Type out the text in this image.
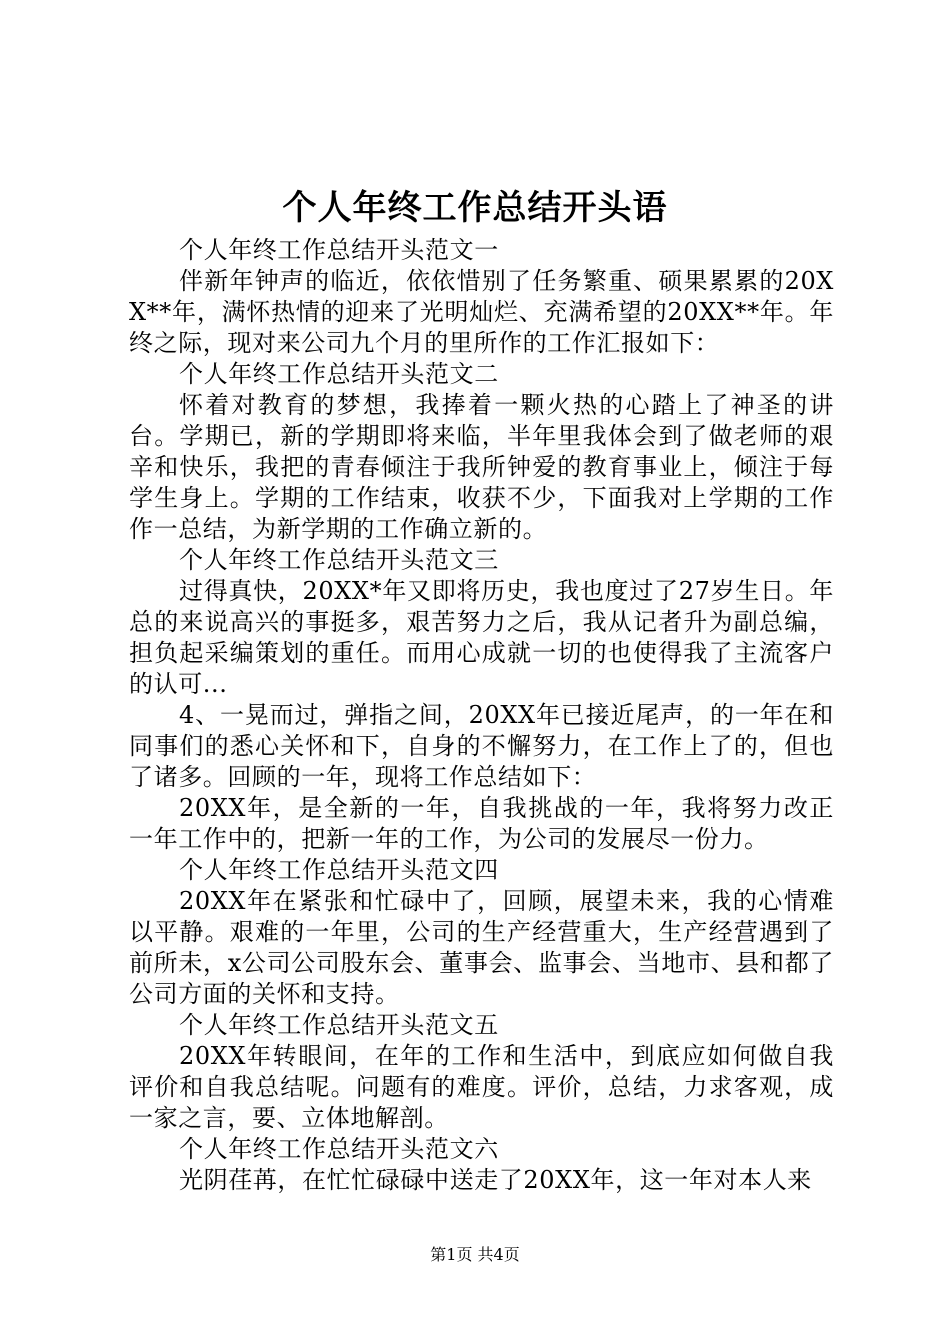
个人年终工作总结开头语

个人年终工作总结开头范文一

伴新年钟声的临近，依依惜别了任务繁重、硕果累累的20XX**年，满怀热情的迎来了光明灿烂、充满希望的20XX**年。年终之际，现对来公司九个月的里所作的工作汇报如下：

个人年终工作总结开头范文二

怀着对教育的梦想，我捧着一颗火热的心踏上了神圣的讲台。学期已，新的学期即将来临，半年里我体会到了做老师的艰辛和快乐，我把的青春倾注于我所钟爱的教育事业上，倾注于每学生身上。学期的工作结束，收获不少，下面我对上学期的工作作一总结，为新学期的工作确立新的。

个人年终工作总结开头范文三

过得真快，20XX*年又即将历史，我也度过了27岁生日。年总的来说高兴的事挺多，艰苦努力之后，我从记者升为副总编，担负起采编策划的重任。而用心成就一切的也使得我了主流客户的认可...

4、一晃而过，弹指之间，20XX年已接近尾声，的一年在和同事们的悉心关怀和下，自身的不懈努力，在工作上了的，但也了诸多。回顾的一年，现将工作总结如下：

20XX年，是全新的一年，自我挑战的一年，我将努力改正一年工作中的，把新一年的工作，为公司的发展尽一份力。

个人年终工作总结开头范文四

20XX年在紧张和忙碌中了，回顾，展望未来，我的心情难以平静。艰难的一年里，公司的生产经营重大，生产经营遇到了前所未，x公司公司股东会、董事会、监事会、当地市、县和都了公司方面的关怀和支持。

个人年终工作总结开头范文五

20XX年转眼间，在年的工作和生活中，到底应如何做自我评价和自我总结呢。问题有的难度。评价，总结，力求客观，成一家之言，要、立体地解剖。

个人年终工作总结开头范文六

光阴荏苒，在忙忙碌碌中送走了20XX年，这一年对本人来

第1页 共4页
